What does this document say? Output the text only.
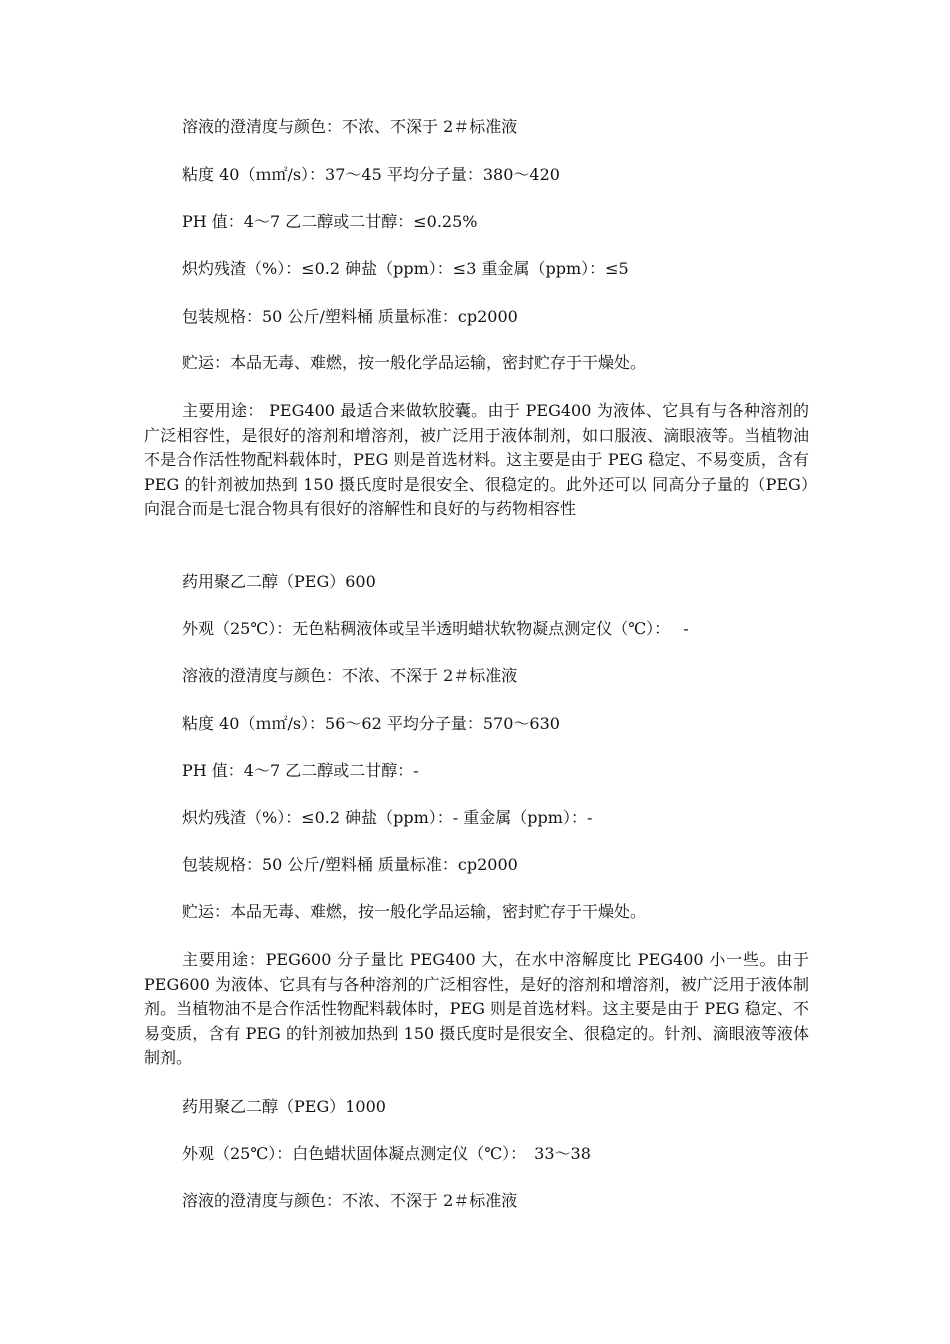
溶液的澄清度与颜色：不浓、不深于 2＃标准液
粘度 40（ｍ㎡/s）：37～45 平均分子量：380～420
PH 值：4～7 乙二醇或二甘醇：≤0.25%
炽灼残渣（%）：≤0.2 砷盐（ppm）：≤3 重金属（ppm）：≤5
包装规格：50 公斤/塑料桶 质量标准：cp2000
贮运：本品无毒、难燃，按一般化学品运输，密封贮存于干燥处。
主要用途： PEG400 最适合来做软胶囊。由于 PEG400 为液体、它具有与各种溶剂的广泛相容性，是很好的溶剂和增溶剂，被广泛用于液体制剂，如口服液、滴眼液等。当植物油不是合作活性物配料载体时，PEG 则是首选材料。这主要是由于 PEG 稳定、不易变质，含有 PEG 的针剂被加热到 150 摄氏度时是很安全、很稳定的。此外还可以 同高分子量的（PEG）向混合而是七混合物具有很好的溶解性和良好的与药物相容性
药用聚乙二醇（PEG）600
外观（25℃）：无色粘稠液体或呈半透明蜡状软物凝点测定仪（℃）：　 -
溶液的澄清度与颜色：不浓、不深于 2＃标准液
粘度 40（ｍ㎡/s）：56～62 平均分子量：570～630
PH 值：4～7 乙二醇或二甘醇：-
炽灼残渣（%）：≤0.2 砷盐（ppm）：- 重金属（ppm）：-
包装规格：50 公斤/塑料桶 质量标准：cp2000
贮运：本品无毒、难燃，按一般化学品运输，密封贮存于干燥处。
主要用途：PEG600 分子量比 PEG400 大，在水中溶解度比 PEG400 小一些。由于 PEG600 为液体、它具有与各种溶剂的广泛相容性，是好的溶剂和增溶剂，被广泛用于液体制剂。当植物油不是合作活性物配料载体时，PEG 则是首选材料。这主要是由于 PEG 稳定、不易变质，含有 PEG 的针剂被加热到 150 摄氏度时是很安全、很稳定的。针剂、滴眼液等液体制剂。
药用聚乙二醇（PEG）1000
外观（25℃）：白色蜡状固体凝点测定仪（℃）：　33～38
溶液的澄清度与颜色：不浓、不深于 2＃标准液
